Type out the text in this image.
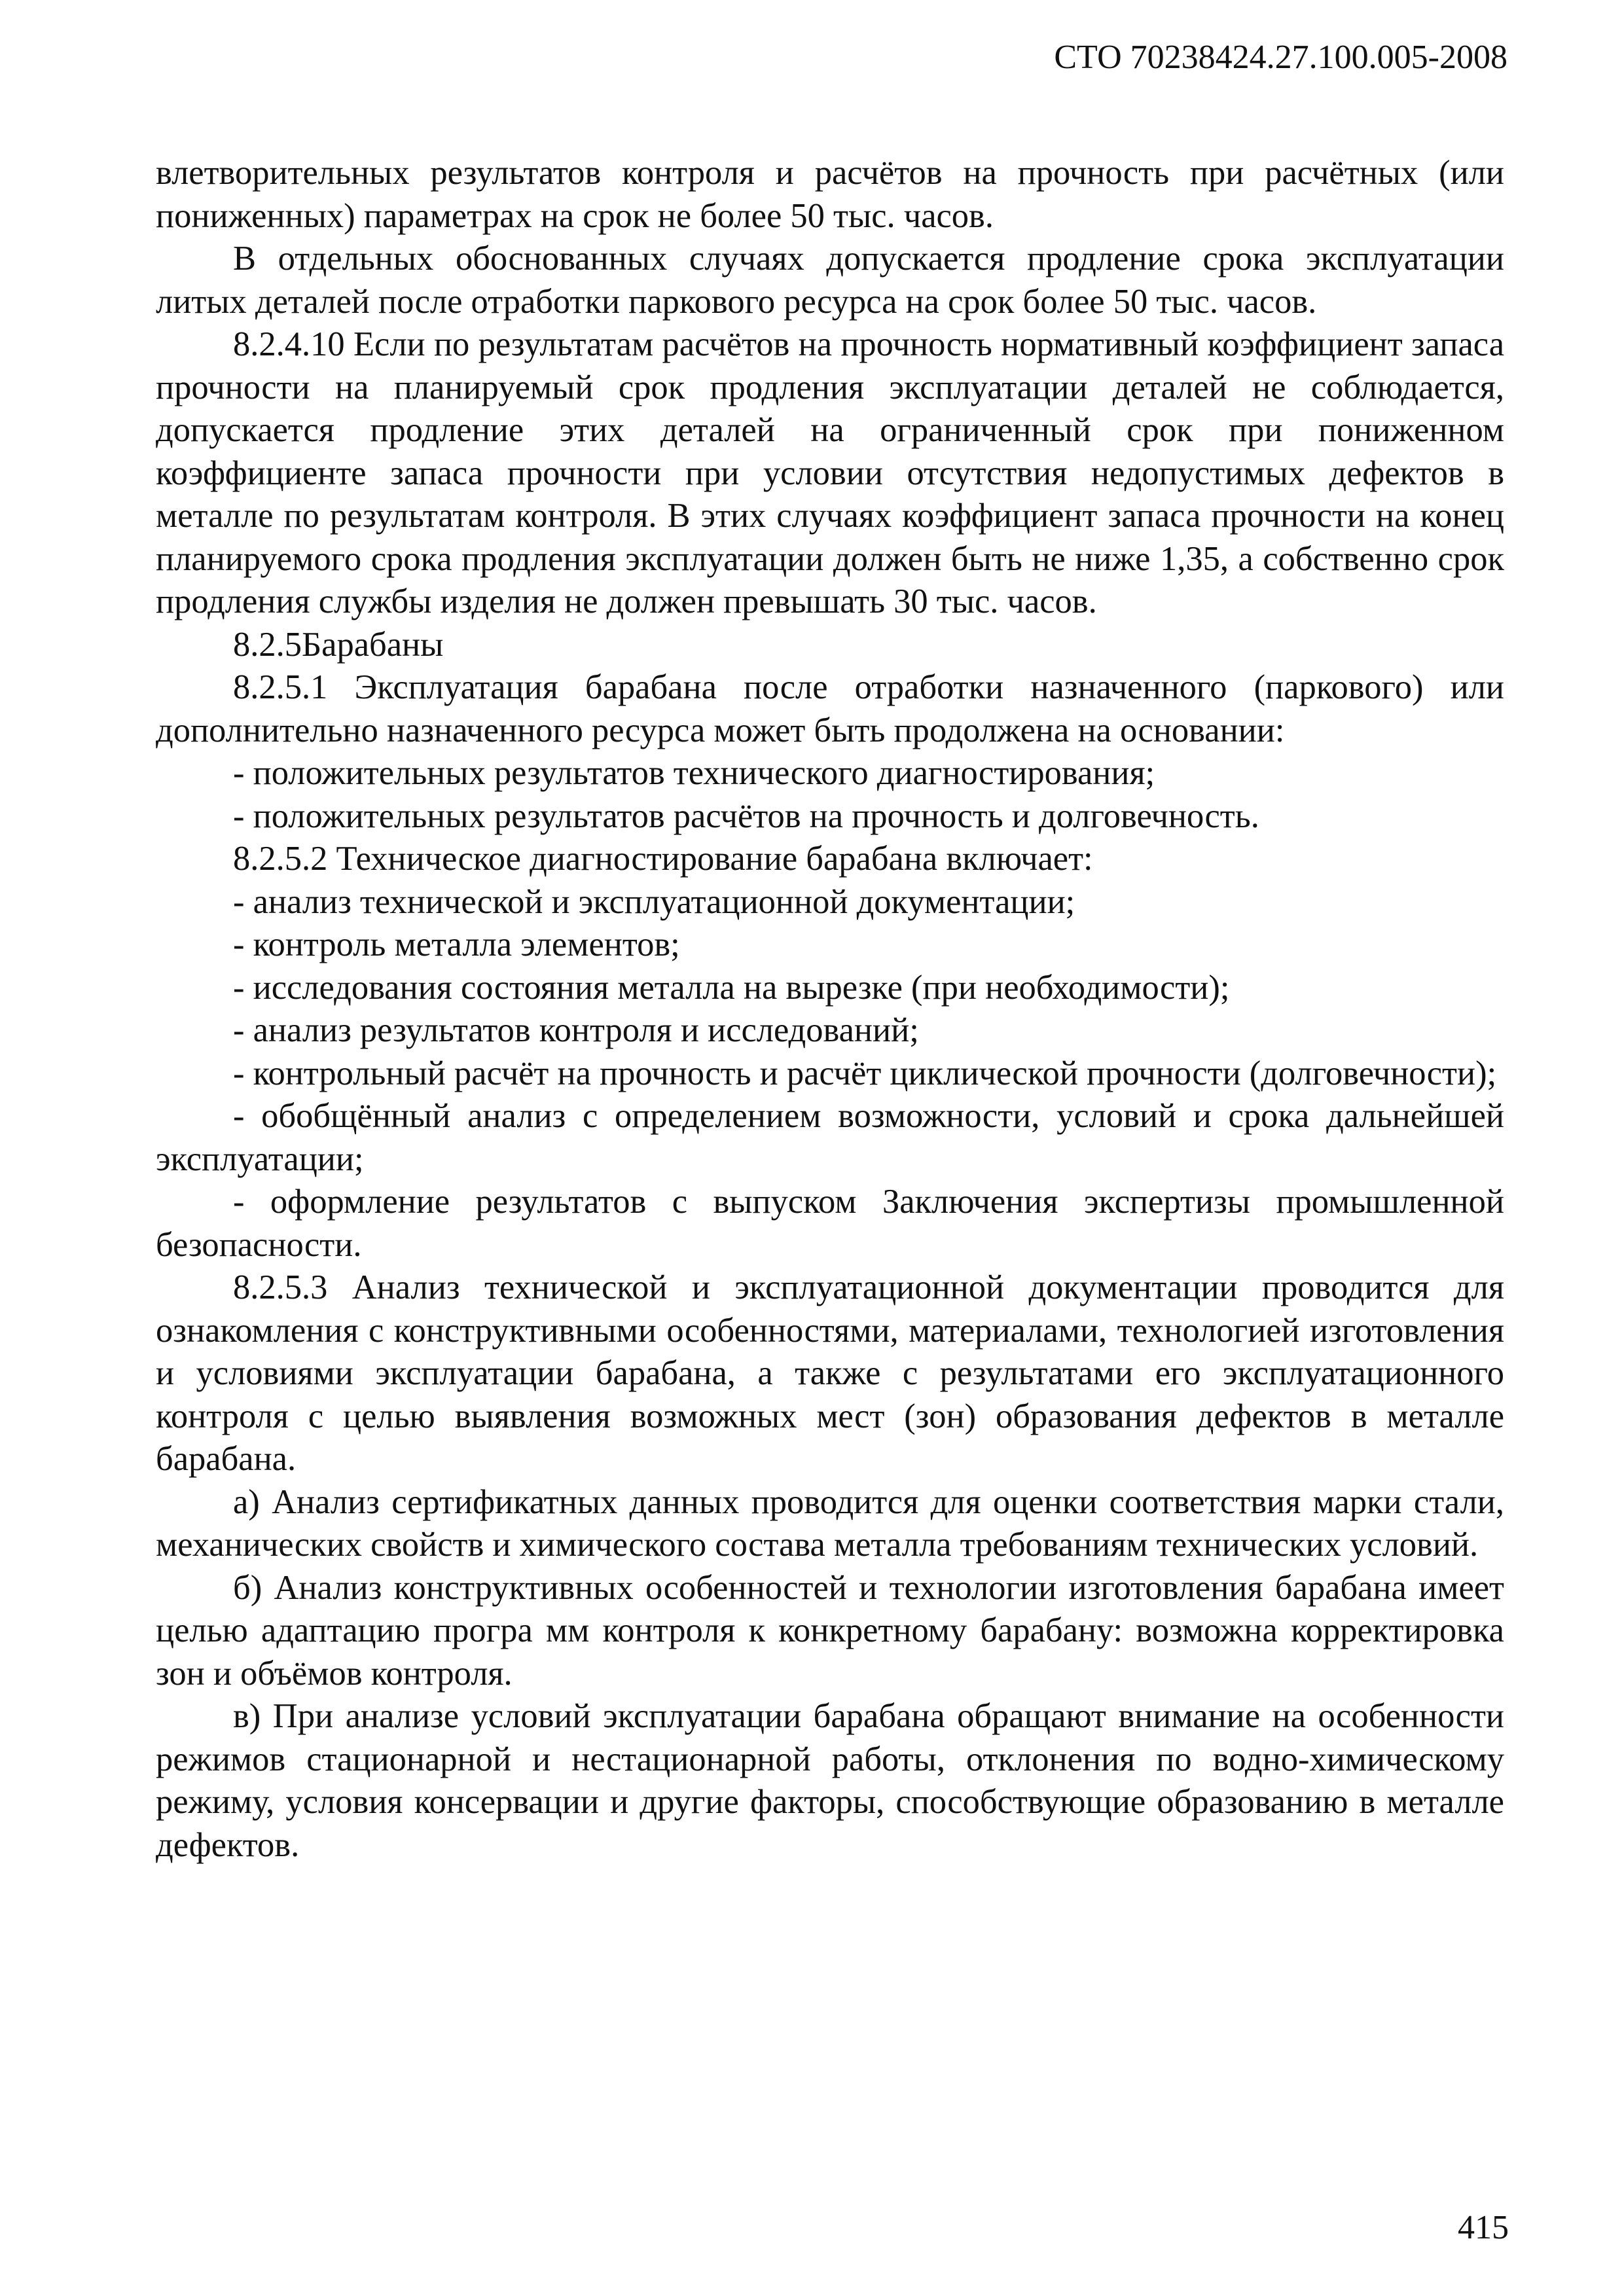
СТО 70238424.27.100.005-2008

влетворительных результатов контроля и расчётов на прочность при расчётных (или пониженных) параметрах на срок не более 50 тыс. часов.

В отдельных обоснованных случаях допускается продление срока эксплуатации литых деталей после отработки паркового ресурса на срок более 50 тыс. часов.

8.2.4.10 Если по результатам расчётов на прочность нормативный коэффициент запаса прочности на планируемый срок продления эксплуатации деталей не соблюдается, допускается продление этих деталей на ограниченный срок при пониженном коэффициенте запаса прочности при условии отсутствия недопустимых дефектов в металле по результатам контроля. В этих случаях коэффициент запаса прочности на конец планируемого срока продления эксплуатации должен быть не ниже 1,35, а собственно срок продления службы изделия не должен превышать 30 тыс. часов.

8.2.5Барабаны

8.2.5.1 Эксплуатация барабана после отработки назначенного (паркового) или дополнительно назначенного ресурса может быть продолжена на основании:

- положительных результатов технического диагностирования;

- положительных результатов расчётов на прочность и долговечность.

8.2.5.2 Техническое диагностирование барабана включает:

- анализ технической и эксплуатационной документации;

- контроль металла элементов;

- исследования состояния металла на вырезке (при необходимости);

- анализ результатов контроля и исследований;

- контрольный расчёт на прочность и расчёт циклической прочности (долговечности);

- обобщённый анализ с определением возможности, условий и срока дальнейшей эксплуатации;

- оформление результатов с выпуском Заключения экспертизы промышленной безопасности.

8.2.5.3 Анализ технической и эксплуатационной документации проводится для ознакомления с конструктивными особенностями, материалами, технологией изготовления и условиями эксплуатации барабана, а также с результатами его эксплуатационного контроля с целью выявления возможных мест (зон) образования дефектов в металле барабана.

а) Анализ сертификатных данных проводится для оценки соответствия марки стали, механических свойств и химического состава металла требованиям технических условий.

б) Анализ конструктивных особенностей и технологии изготовления барабана имеет целью адаптацию програ мм контроля к конкретному барабану: возможна корректировка зон и объёмов контроля.

в) При анализе условий эксплуатации барабана обращают внимание на особенности режимов стационарной и нестационарной работы, отклонения по водно-химическому режиму, условия консервации и другие факторы, способствующие образованию в металле дефектов.

415
